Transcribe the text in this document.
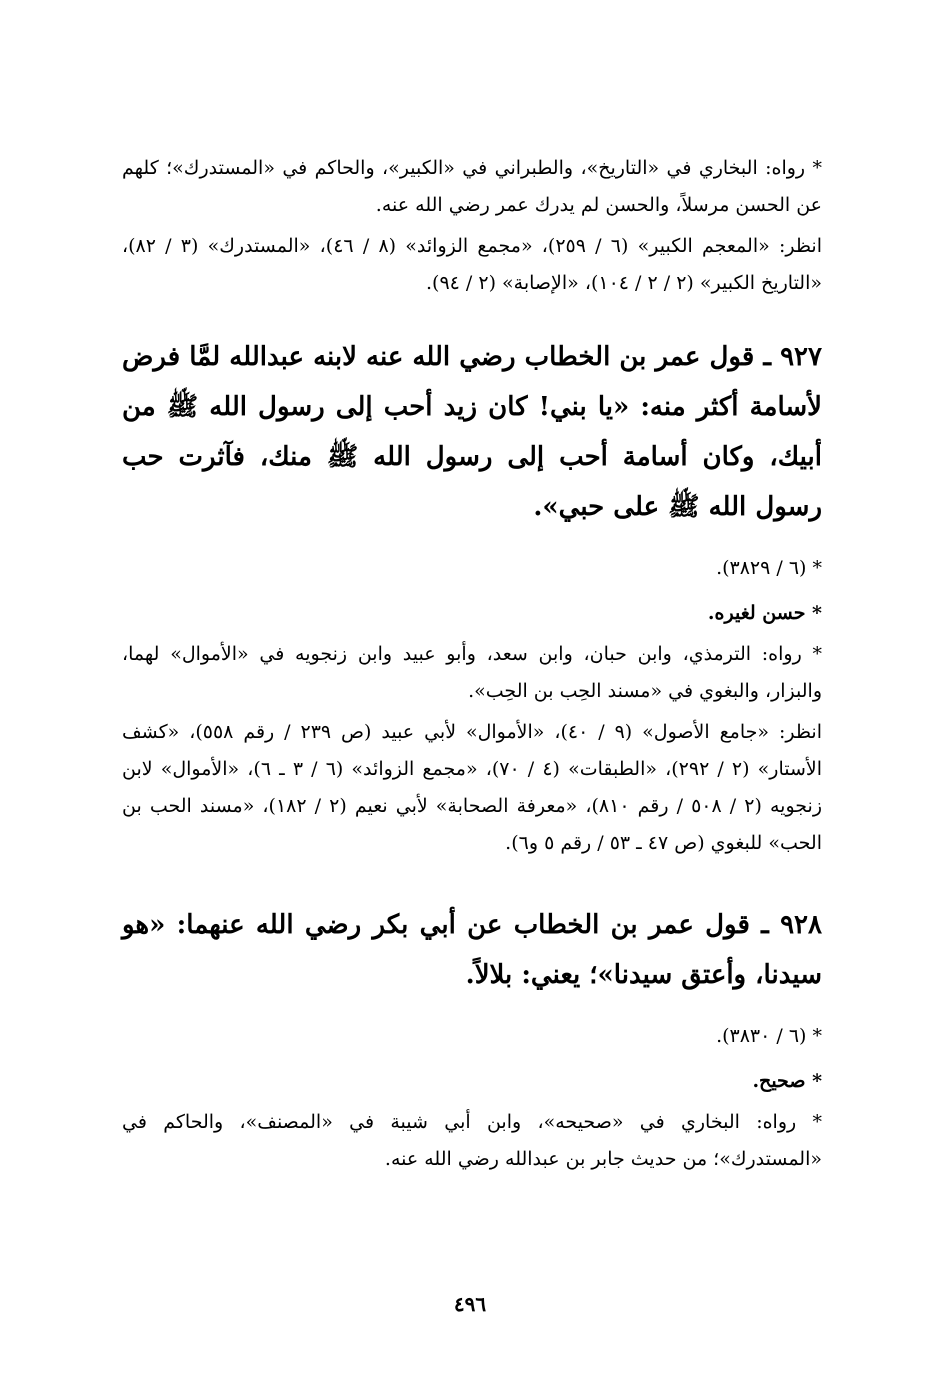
* رواه: البخاري في «التاريخ»، والطبراني في «الكبير»، والحاكم في «المستدرك»؛ كلهم عن الحسن مرسلاً، والحسن لم يدرك عمر رضي الله عنه.

انظر: «المعجم الكبير» (٦ / ٢٥٩)، «مجمع الزوائد» (٨ / ٤٦)، «المستدرك» (٣ / ٨٢)، «التاريخ الكبير» (٢ / ٢ / ١٠٤)، «الإصابة» (٢ / ٩٤).

٩٢٧ ـ قول عمر بن الخطاب رضي الله عنه لابنه عبدالله لمَّا فرض لأسامة أكثر منه: «يا بني! كان زيد أحب إلى رسول الله ﷺ من أبيك، وكان أسامة أحب إلى رسول الله ﷺ منك، فآثرت حب رسول الله ﷺ على حبي».

* (٦ / ٣٨٢٩).

* حسن لغيره.

* رواه: الترمذي، وابن حبان، وابن سعد، وأبو عبيد وابن زنجويه في «الأموال» لهما، والبزار، والبغوي في «مسند الحِب بن الحِب».

انظر: «جامع الأصول» (٩ / ٤٠)، «الأموال» لأبي عبيد (ص ٢٣٩ / رقم ٥٥٨)، «كشف الأستار» (٢ / ٢٩٢)، «الطبقات» (٤ / ٧٠)، «مجمع الزوائد» (٦ / ٣ ـ ٦)، «الأموال» لابن زنجويه (٢ / ٥٠٨ / رقم ٨١٠)، «معرفة الصحابة» لأبي نعيم (٢ / ١٨٢)، «مسند الحب بن الحب» للبغوي (ص ٤٧ ـ ٥٣ / رقم ٥ و٦).

٩٢٨ ـ قول عمر بن الخطاب عن أبي بكر رضي الله عنهما: «هو سيدنا، وأعتق سيدنا»؛ يعني: بلالاً.

* (٦ / ٣٨٣٠).

* صحيح.

* رواه: البخاري في «صحيحه»، وابن أبي شيبة في «المصنف»، والحاكم في «المستدرك»؛ من حديث جابر بن عبدالله رضي الله عنه.

٤٩٦
